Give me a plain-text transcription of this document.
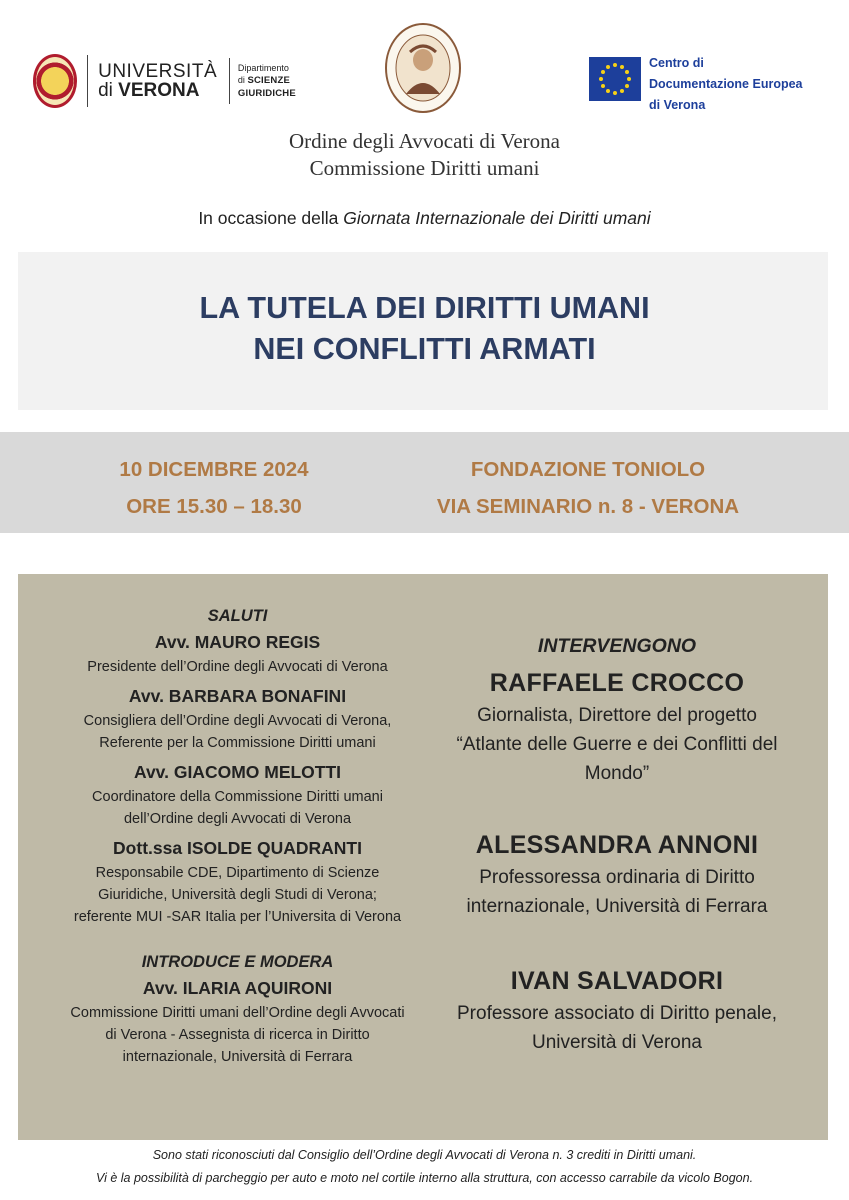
UNIVERSITÀ
di VERONA
Dipartimento
di SCIENZE GIURIDICHE
Centro di
Documentazione Europea
di Verona
Ordine degli Avvocati di Verona
Commissione Diritti umani
In occasione della Giornata Internazionale dei Diritti umani
LA TUTELA DEI DIRITTI UMANI
NEI CONFLITTI ARMATI
10 DICEMBRE 2024
ORE 15.30 – 18.30
FONDAZIONE TONIOLO
VIA SEMINARIO n. 8 - VERONA
SALUTI
Avv. MAURO REGIS
Presidente dell’Ordine degli Avvocati di Verona
Avv. BARBARA BONAFINI
Consigliera dell’Ordine degli Avvocati di Verona,
Referente per la Commissione Diritti umani
Avv. GIACOMO MELOTTI
Coordinatore della Commissione Diritti umani
dell’Ordine degli Avvocati di Verona
Dott.ssa ISOLDE QUADRANTI
Responsabile CDE, Dipartimento di Scienze
Giuridiche, Università degli Studi di Verona;
referente MUI -SAR Italia per l’Universita di Verona
INTRODUCE E MODERA
Avv. ILARIA AQUIRONI
Commissione Diritti umani dell’Ordine degli Avvocati
di Verona - Assegnista di ricerca in Diritto
internazionale, Università di Ferrara
INTERVENGONO
RAFFAELE CROCCO
Giornalista, Direttore del progetto
“Atlante delle Guerre e dei Conflitti del
Mondo”
ALESSANDRA ANNONI
Professoressa ordinaria di Diritto
internazionale, Università di Ferrara
IVAN SALVADORI
Professore associato di Diritto penale,
Università di Verona
Sono stati riconosciuti dal Consiglio dell’Ordine degli Avvocati di Verona n. 3 crediti in Diritti umani.
Vi è la possibilità di parcheggio per auto e moto nel cortile interno alla struttura, con accesso carrabile da vicolo Bogon.
